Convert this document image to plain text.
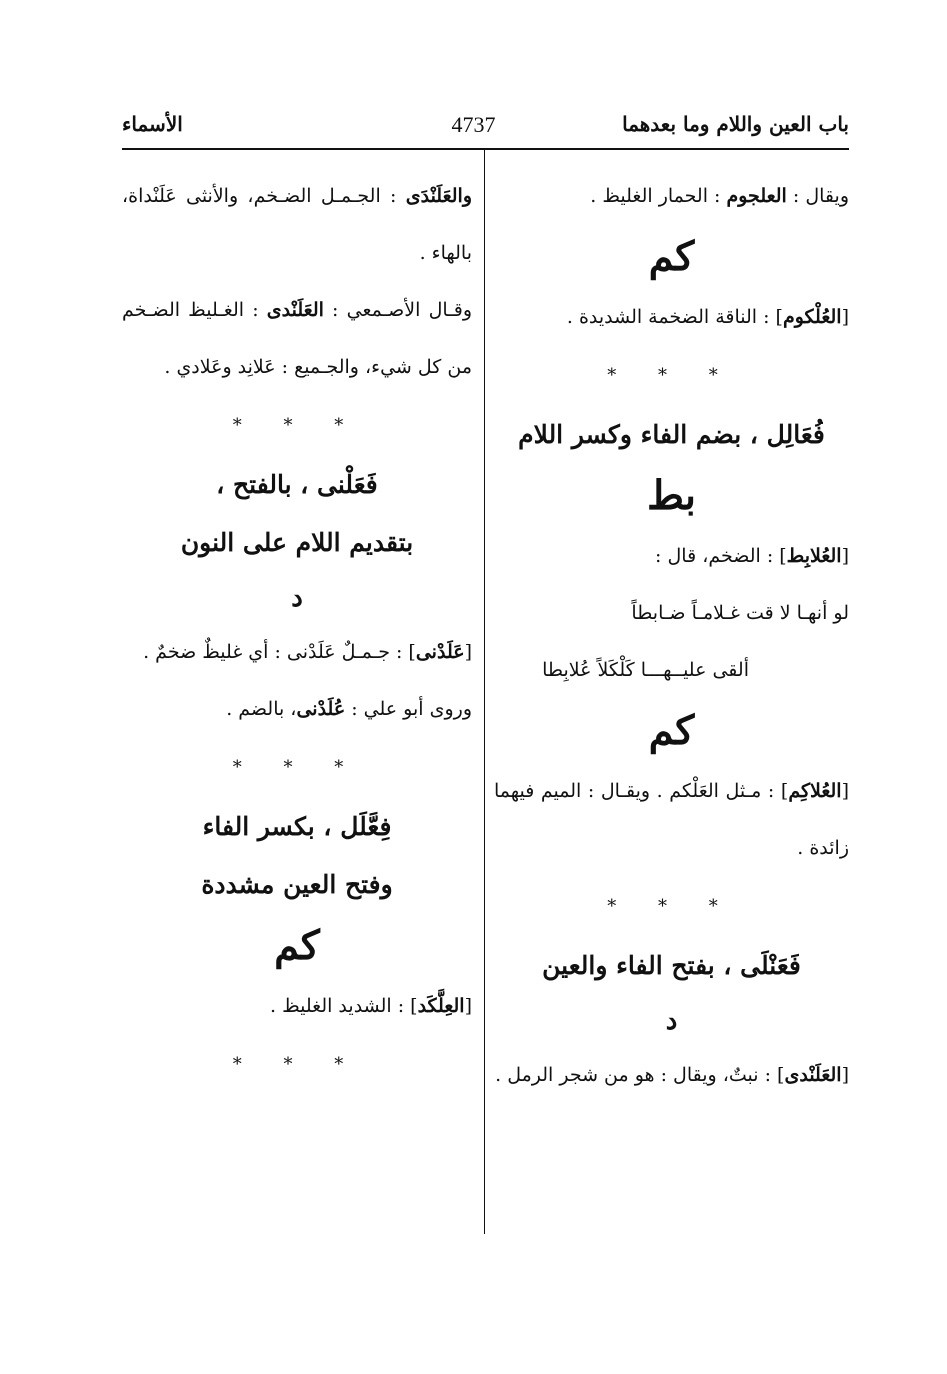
باب العين واللام وما بعدهما
4737
الأسماء

ويقال : العلجوم : الحمار الغليظ .

كم

[العُلْكوم] : الناقة الضخمة الشديدة .

* * *

فُعَالِل ، بضم الفاء وكسر اللام

بط

[العُلابِط] : الضخم، قال :

لو أنهـا لا قت غـلامـاً ضـابطاً

ألقى عليــهـــا كَلْكَلاً عُلابِطا

كم

[العُلاكِم] : مـثل العَلْكم . ويقـال : الميم فيهما زائدة .

* * *

فَعَنْلَى ، بفتح الفاء والعين

د

[العَلَنْدى] : نبتٌ، ويقال : هو من شجر الرمل .

والعَلَنْدَى : الجـمـل الضـخم، والأنثى عَلَنْداة، بالهاء .

وقـال الأصـمعي : العَلَنْدى : الغـليظ الضـخم من كل شيء، والجـميع : عَلانِد وعَلادي .

* * *

فَعَلْنى ، بالفتح ،

بتقديم اللام على النون

د

[عَلَدْنى] : جـمـلٌ عَلَدْنى : أي غليظٌ ضخمٌ .

وروى أبو علي : عُلَدْنى، بالضم .

* * *

فِعَّلَل ، بكسر الفاء

وفتح العين مشددة

كم

[العِلَّكَد] : الشديد الغليظ .

* * *
